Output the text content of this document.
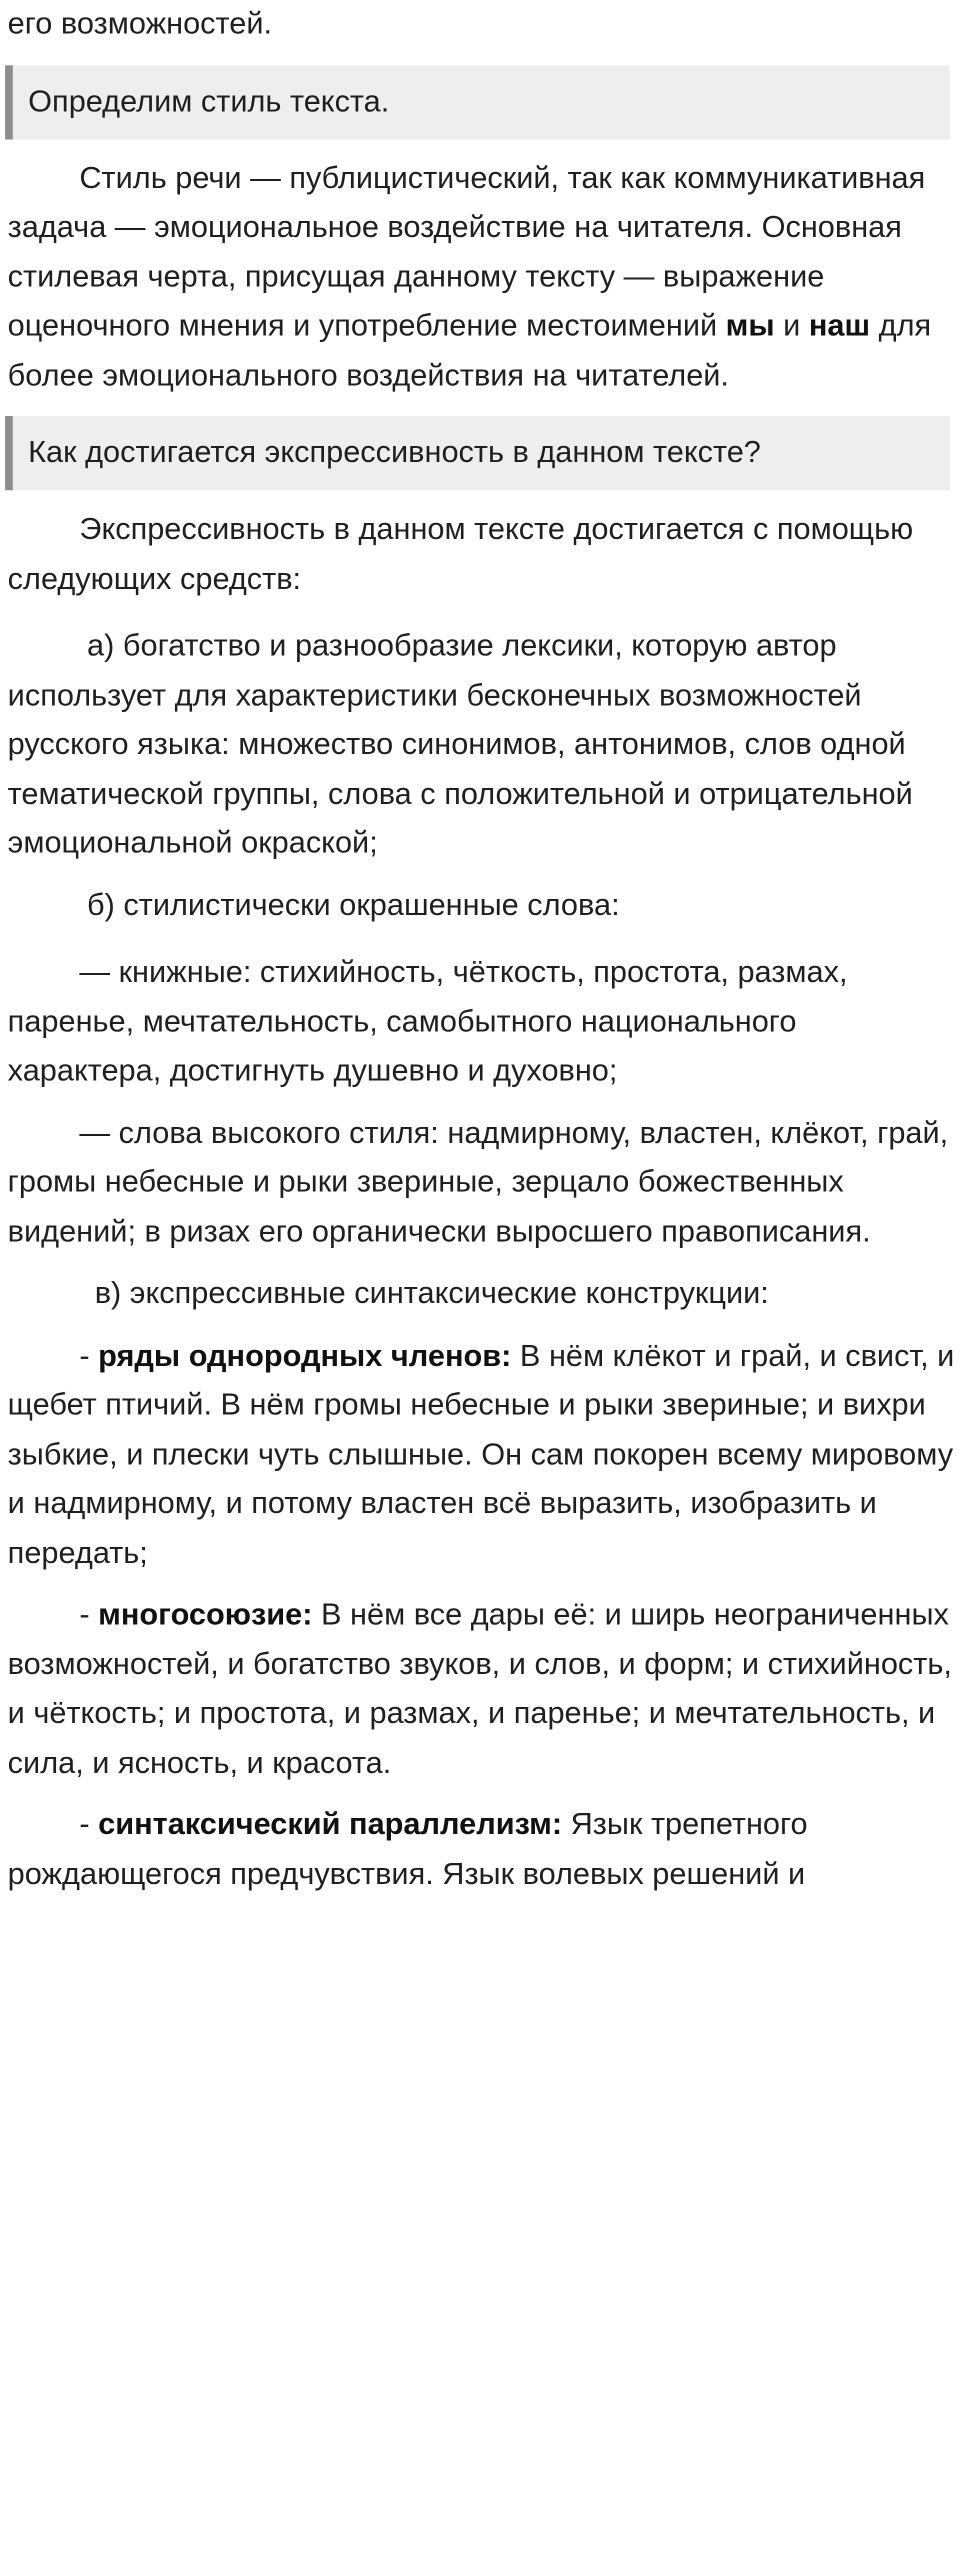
его возможностей.

Определим стиль текста.

Стиль речи — публицистический, так как коммуникативная задача — эмоциональное воздействие на читателя. Основная стилевая черта, присущая данному тексту — выражение оценочного мнения и употребление местоимений мы и наш для более эмоционального воздействия на читателей.

Как достигается экспрессивность в данном тексте?

Экспрессивность в данном тексте достигается с помощью следующих средств:

а) богатство и разнообразие лексики, которую автор использует для характеристики бесконечных возможностей русского языка: множество синонимов, антонимов, слов одной тематической группы, слова с положительной и отрицательной эмоциональной окраской;

б) стилистически окрашенные слова:

— книжные: стихийность, чёткость, простота, размах, паренье, мечтательность, самобытного национального характера, достигнуть душевно и духовно;

— слова высокого стиля: надмирному, властен, клёкот, грай, громы небесные и рыки звериные, зерцало божественных видений; в ризах его органически выросшего правописания.

в) экспрессивные синтаксические конструкции:

- ряды однородных членов: В нём клёкот и грай, и свист, и щебет птичий. В нём громы небесные и рыки звериные; и вихри зыбкие, и плески чуть слышные. Он сам покорен всему мировому и надмирному, и потому властен всё выразить, изобразить и передать;

- многосоюзие: В нём все дары её: и ширь неограниченных возможностей, и богатство звуков, и слов, и форм; и стихийность, и чёткость; и простота, и размах, и паренье; и мечтательность, и сила, и ясность, и красота.

- синтаксический параллелизм: Язык трепетного рождающегося предчувствия. Язык волевых решений и
